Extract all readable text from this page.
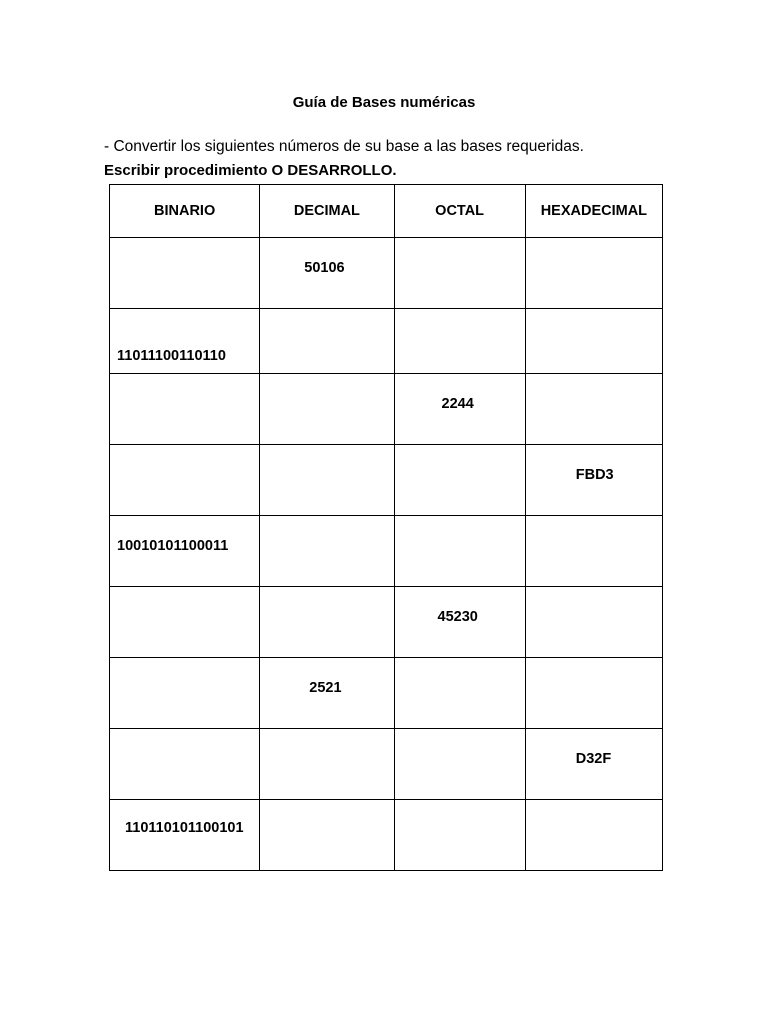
Guía de Bases numéricas
- Convertir los siguientes números de su base a las bases requeridas.
Escribir procedimiento O DESARROLLO.
BINARIO	DECIMAL	OCTAL	HEXADECIMAL

	50106		

11011100110110			

		2244	

			FBD3

10010101100011			

		45230	

	2521		

			D32F

110110101100101			
